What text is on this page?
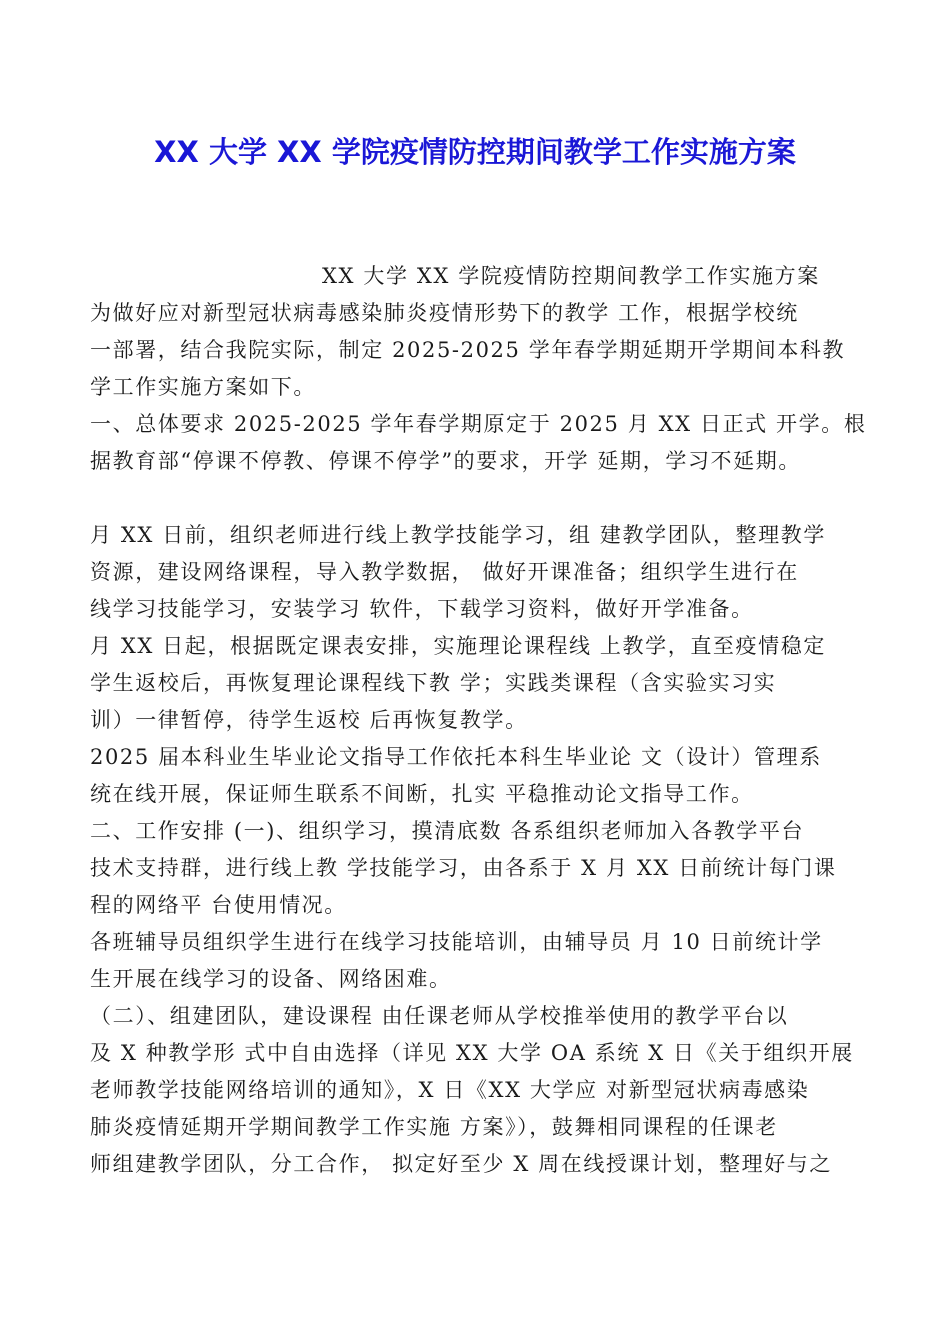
XX 大学 XX 学院疫情防控期间教学工作实施方案
XX 大学 XX 学院疫情防控期间教学工作实施方案
为做好应对新型冠状病毒感染肺炎疫情形势下的教学 工作，根据学校统
一部署，结合我院实际，制定 2025-2025 学年春学期延期开学期间本科教
学工作实施方案如下。
一、总体要求 2025-2025 学年春学期原定于 2025 月 XX 日正式 开学。根
据教育部“停课不停教、停课不停学”的要求，开学 延期，学习不延期。
月 XX 日前，组织老师进行线上教学技能学习，组 建教学团队，整理教学
资源，建设网络课程，导入教学数据， 做好开课准备；组织学生进行在
线学习技能学习，安装学习 软件，下载学习资料，做好开学准备。
月 XX 日起，根据既定课表安排，实施理论课程线 上教学，直至疫情稳定
学生返校后，再恢复理论课程线下教 学；实践类课程（含实验实习实
训）一律暂停，待学生返校 后再恢复教学。
2025 届本科业生毕业论文指导工作依托本科生毕业论 文（设计）管理系
统在线开展，保证师生联系不间断，扎实 平稳推动论文指导工作。
二、工作安排 (一)、组织学习，摸清底数 各系组织老师加入各教学平台
技术支持群，进行线上教 学技能学习，由各系于 X 月 XX 日前统计每门课
程的网络平 台使用情况。
各班辅导员组织学生进行在线学习技能培训，由辅导员 月 10 日前统计学
生开展在线学习的设备、网络困难。
（二）、组建团队，建设课程 由任课老师从学校推举使用的教学平台以
及 X 种教学形 式中自由选择（详见 XX 大学 OA 系统 X 日《关于组织开展
老师教学技能网络培训的通知》，X 日《XX 大学应 对新型冠状病毒感染
肺炎疫情延期开学期间教学工作实施 方案》），鼓舞相同课程的任课老
师组建教学团队，分工合作， 拟定好至少 X 周在线授课计划，整理好与之
